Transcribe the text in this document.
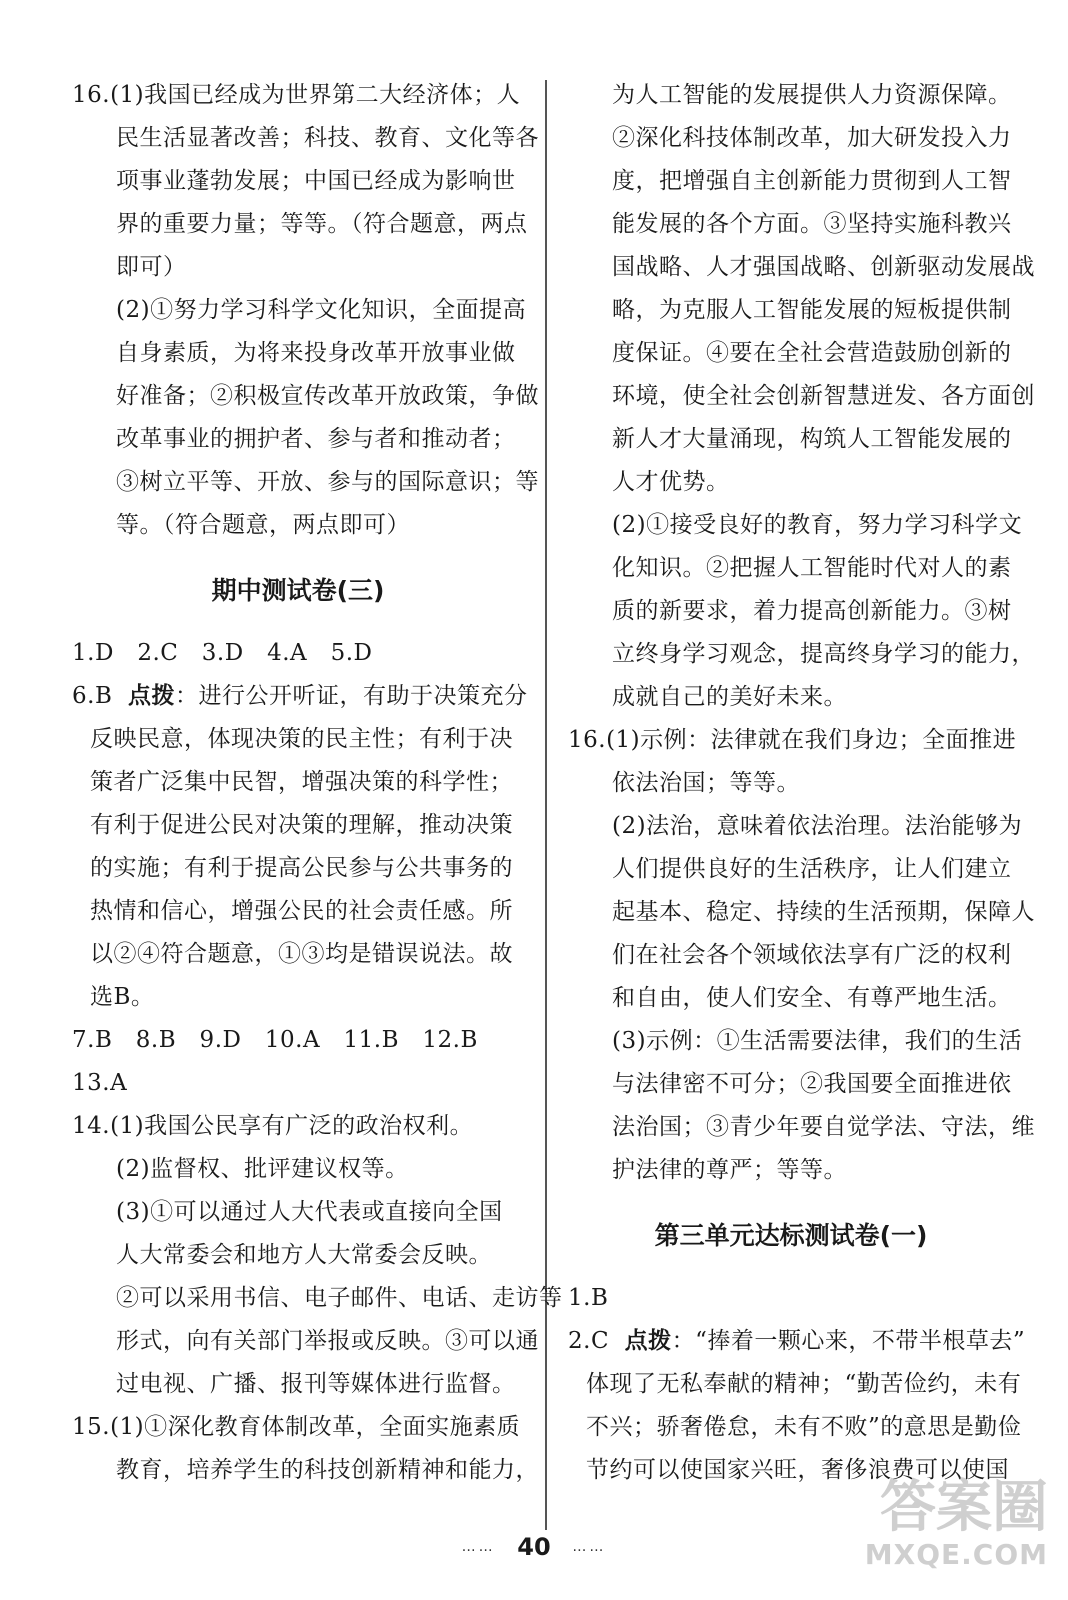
16.(1)我国已经成为世界第二大经济体；人
民生活显著改善；科技、教育、文化等各
项事业蓬勃发展；中国已经成为影响世
界的重要力量；等等。（符合题意，两点
即可）
(2)①努力学习科学文化知识，全面提高
自身素质，为将来投身改革开放事业做
好准备；②积极宣传改革开放政策，争做
改革事业的拥护者、参与者和推动者；
③树立平等、开放、参与的国际意识；等
等。（符合题意，两点即可）
期中测试卷(三)
1.D   2.C   3.D   4.A   5.D
6.B  点拨：进行公开听证，有助于决策充分
反映民意，体现决策的民主性；有利于决
策者广泛集中民智，增强决策的科学性；
有利于促进公民对决策的理解，推动决策
的实施；有利于提高公民参与公共事务的
热情和信心，增强公民的社会责任感。所
以②④符合题意，①③均是错误说法。故
选B。
7.B   8.B   9.D   10.A   11.B   12.B
13.A
14.(1)我国公民享有广泛的政治权利。
(2)监督权、批评建议权等。
(3)①可以通过人大代表或直接向全国
人大常委会和地方人大常委会反映。
②可以采用书信、电子邮件、电话、走访等
形式，向有关部门举报或反映。③可以通
过电视、广播、报刊等媒体进行监督。
15.(1)①深化教育体制改革，全面实施素质
教育，培养学生的科技创新精神和能力，
为人工智能的发展提供人力资源保障。
②深化科技体制改革，加大研发投入力
度，把增强自主创新能力贯彻到人工智
能发展的各个方面。③坚持实施科教兴
国战略、人才强国战略、创新驱动发展战
略，为克服人工智能发展的短板提供制
度保证。④要在全社会营造鼓励创新的
环境，使全社会创新智慧迸发、各方面创
新人才大量涌现，构筑人工智能发展的
人才优势。
(2)①接受良好的教育，努力学习科学文
化知识。②把握人工智能时代对人的素
质的新要求，着力提高创新能力。③树
立终身学习观念，提高终身学习的能力，
成就自己的美好未来。
16.(1)示例：法律就在我们身边；全面推进
依法治国；等等。
(2)法治，意味着依法治理。法治能够为
人们提供良好的生活秩序，让人们建立
起基本、稳定、持续的生活预期，保障人
们在社会各个领域依法享有广泛的权利
和自由，使人们安全、有尊严地生活。
(3)示例：①生活需要法律，我们的生活
与法律密不可分；②我国要全面推进依
法治国；③青少年要自觉学法、守法，维
护法律的尊严；等等。
第三单元达标测试卷(一)
1.B
2.C  点拨：“捧着一颗心来，不带半根草去”
体现了无私奉献的精神；“勤苦俭约，未有
不兴；骄奢倦怠，未有不败”的意思是勤俭
节约可以使国家兴旺，奢侈浪费可以使国
…… 40 ……
答案圈
MXQE.COM
